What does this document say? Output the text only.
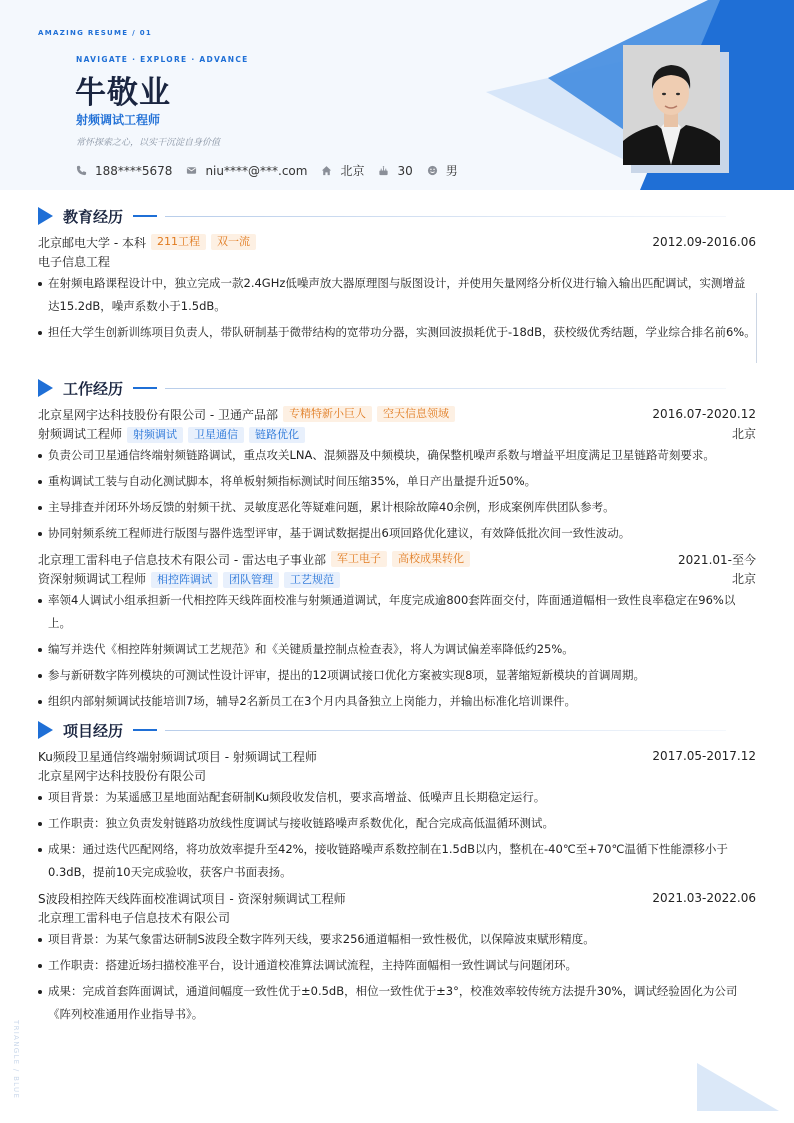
AMAZING RESUME / 01
NAVIGATE · EXPLORE · ADVANCE
牛敬业
射频调试工程师
常怀探索之心，以实干沉淀自身价值
188****5678	niu****@***.com	北京	30	男
教育经历
北京邮电大学 - 本科	211工程	双一流	2012.09-2016.06
电子信息工程
在射频电路课程设计中，独立完成一款2.4GHz低噪声放大器原理图与版图设计，并使用矢量网络分析仪进行输入输出匹配调试，实测增益达15.2dB，噪声系数小于1.5dB。
担任大学生创新训练项目负责人，带队研制基于微带结构的宽带功分器，实测回波损耗优于-18dB，获校级优秀结题，学业综合排名前6%。
工作经历
北京星网宇达科技股份有限公司 - 卫通产品部	专精特新小巨人	空天信息领域	2016.07-2020.12
射频调试工程师	射频调试	卫星通信	链路优化	北京
负责公司卫星通信终端射频链路调试，重点攻关LNA、混频器及中频模块，确保整机噪声系数与增益平坦度满足卫星链路苛刻要求。
重构调试工装与自动化测试脚本，将单板射频指标测试时间压缩35%，单日产出量提升近50%。
主导排查并闭环外场反馈的射频干扰、灵敏度恶化等疑难问题，累计根除故障40余例，形成案例库供团队参考。
协同射频系统工程师进行版图与器件选型评审，基于调试数据提出6项回路优化建议，有效降低批次间一致性波动。
北京理工雷科电子信息技术有限公司 - 雷达电子事业部	军工电子	高校成果转化	2021.01-至今
资深射频调试工程师	相控阵调试	团队管理	工艺规范	北京
率领4人调试小组承担新一代相控阵天线阵面校准与射频通道调试，年度完成逾800套阵面交付，阵面通道幅相一致性良率稳定在96%以上。
编写并迭代《相控阵射频调试工艺规范》和《关键质量控制点检查表》，将人为调试偏差率降低约25%。
参与新研数字阵列模块的可测试性设计评审，提出的12项调试接口优化方案被实现8项，显著缩短新模块的首调周期。
组织内部射频调试技能培训7场，辅导2名新员工在3个月内具备独立上岗能力，并输出标准化培训课件。
项目经历
Ku频段卫星通信终端射频调试项目 - 射频调试工程师	2017.05-2017.12
北京星网宇达科技股份有限公司
项目背景：为某遥感卫星地面站配套研制Ku频段收发信机，要求高增益、低噪声且长期稳定运行。
工作职责：独立负责发射链路功放线性度调试与接收链路噪声系数优化，配合完成高低温循环测试。
成果：通过迭代匹配网络，将功放效率提升至42%，接收链路噪声系数控制在1.5dB以内，整机在-40℃至+70℃温循下性能漂移小于0.3dB，提前10天完成验收，获客户书面表扬。
S波段相控阵天线阵面校准调试项目 - 资深射频调试工程师	2021.03-2022.06
北京理工雷科电子信息技术有限公司
项目背景：为某气象雷达研制S波段全数字阵列天线，要求256通道幅相一致性极优，以保障波束赋形精度。
工作职责：搭建近场扫描校准平台，设计通道校准算法调试流程，主持阵面幅相一致性调试与问题闭环。
成果：完成首套阵面调试，通道间幅度一致性优于±0.5dB，相位一致性优于±3°，校准效率较传统方法提升30%，调试经验固化为公司《阵列校准通用作业指导书》。
TRIANGLE / BLUE
